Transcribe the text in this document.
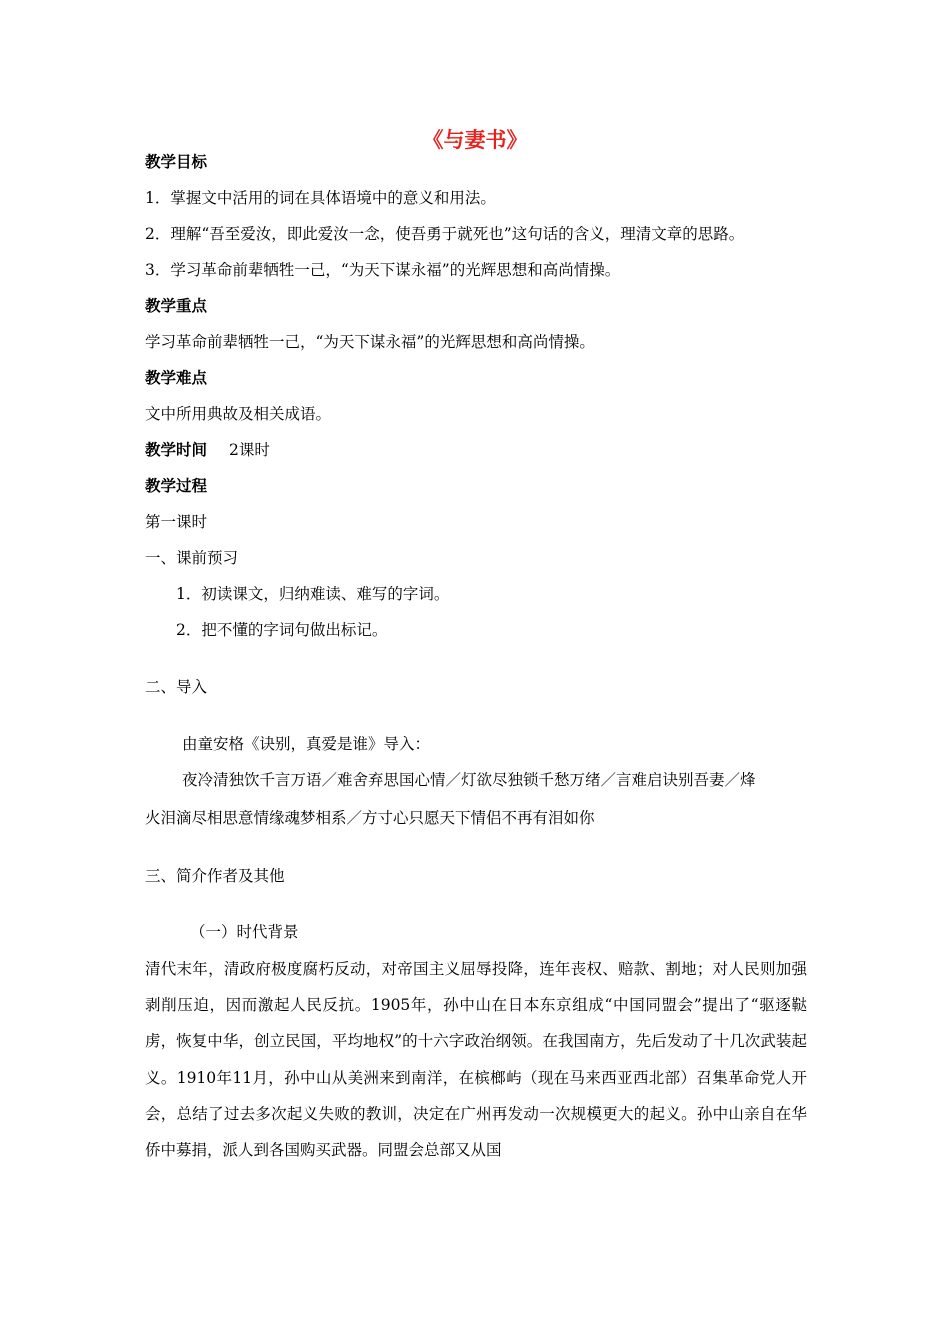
《与妻书》
教学目标
1．掌握文中活用的词在具体语境中的意义和用法。
2．理解“吾至爱汝，即此爱汝一念，使吾勇于就死也”这句话的含义，理清文章的思路。
3．学习革命前辈牺牲一己，“为天下谋永福”的光辉思想和高尚情操。
教学重点
学习革命前辈牺牲一己，“为天下谋永福”的光辉思想和高尚情操。
教学难点
文中所用典故及相关成语。
教学时间 2课时
教学过程
第一课时
一、课前预习
1．初读课文，归纳难读、难写的字词。
2．把不懂的字词句做出标记。
二、导入
由童安格《诀别，真爱是谁》导入：
夜冷清独饮千言万语／难舍弃思国心情／灯欲尽独锁千愁万绪／言难启诀别吾妻／烽
火泪滴尽相思意情缘魂梦相系／方寸心只愿天下情侣不再有泪如你
三、简介作者及其他
（一）时代背景
清代末年，清政府极度腐朽反动，对帝国主义屈辱投降，连年丧权、赔款、割地；对人民则加强剥削压迫，因而激起人民反抗。1905年，孙中山在日本东京组成“中国同盟会”提出了“驱逐鞑虏，恢复中华，创立民国，平均地权”的十六字政治纲领。在我国南方，先后发动了十几次武装起义。1910年11月，孙中山从美洲来到南洋，在槟榔屿（现在马来西亚西北部）召集革命党人开会，总结了过去多次起义失败的教训，决定在广州再发动一次规模更大的起义。孙中山亲自在华侨中募捐，派人到各国购买武器。同盟会总部又从国
